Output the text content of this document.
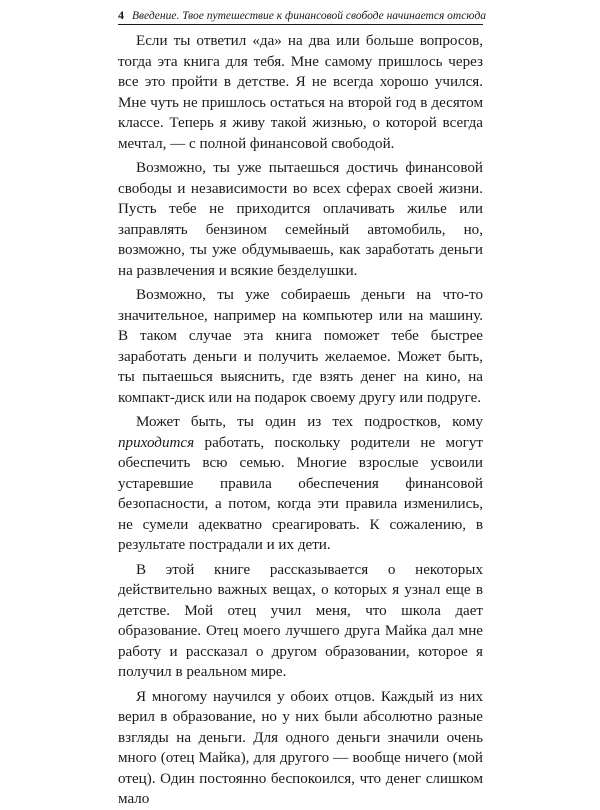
4 Введение. Твое путешествие к финансовой свободе начинается отсюда

Если ты ответил «да» на два или больше вопросов, тогда эта книга для тебя. Мне самому пришлось через все это пройти в детстве. Я не всегда хорошо учился. Мне чуть не пришлось остаться на второй год в десятом классе. Теперь я живу такой жизнью, о которой всегда мечтал, — с полной финансовой свободой.

Возможно, ты уже пытаешься достичь финансовой свободы и независимости во всех сферах своей жизни. Пусть тебе не приходится оплачивать жилье или заправлять бензином семейный автомобиль, но, возможно, ты уже обдумываешь, как заработать деньги на развлечения и всякие безделушки.

Возможно, ты уже собираешь деньги на что-то значительное, например на компьютер или на машину. В таком случае эта книга поможет тебе быстрее заработать деньги и получить желаемое. Может быть, ты пытаешься выяснить, где взять денег на кино, на компакт-диск или на подарок своему другу или подруге.

Может быть, ты один из тех подростков, кому приходится работать, поскольку родители не могут обеспечить всю семью. Многие взрослые усвоили устаревшие правила обеспечения финансовой безопасности, а потом, когда эти правила изменились, не сумели адекватно среагировать. К сожалению, в результате пострадали и их дети.

В этой книге рассказывается о некоторых действительно важных вещах, о которых я узнал еще в детстве. Мой отец учил меня, что школа дает образование. Отец моего лучшего друга Майка дал мне работу и рассказал о другом образовании, которое я получил в реальном мире.

Я многому научился у обоих отцов. Каждый из них верил в образование, но у них были абсолютно разные взгляды на деньги. Для одного деньги значили очень много (отец Майка), для другого — вообще ничего (мой отец). Один постоянно беспокоился, что денег слишком мало
